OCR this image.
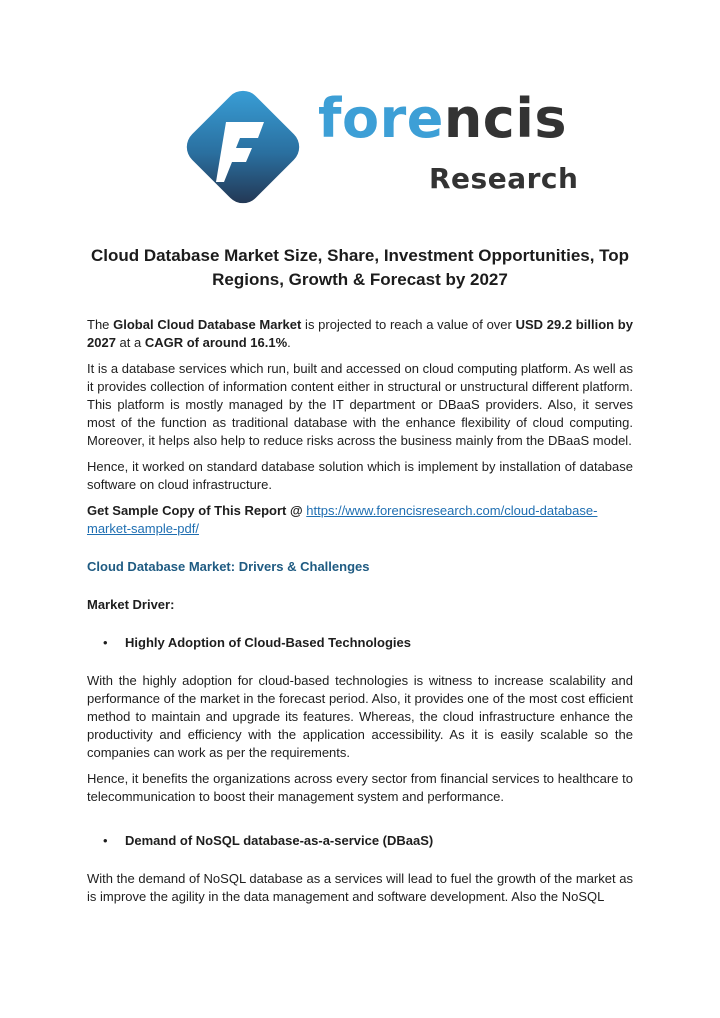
forencis
Research
Cloud Database Market Size, Share, Investment Opportunities, Top Regions, Growth & Forecast by 2027

The Global Cloud Database Market is projected to reach a value of over USD 29.2 billion by 2027 at a CAGR of around 16.1%.

It is a database services which run, built and accessed on cloud computing platform. As well as it provides collection of information content either in structural or unstructural different platform. This platform is mostly managed by the IT department or DBaaS providers. Also, it serves most of the function as traditional database with the enhance flexibility of cloud computing. Moreover, it helps also help to reduce risks across the business mainly from the DBaaS model.

Hence, it worked on standard database solution which is implement by installation of database software on cloud infrastructure.

Get Sample Copy of This Report @ https://www.forencisresearch.com/cloud-database-market-sample-pdf/

Cloud Database Market: Drivers & Challenges

Market Driver:

•	Highly Adoption of Cloud-Based Technologies

With the highly adoption for cloud-based technologies is witness to increase scalability and performance of the market in the forecast period. Also, it provides one of the most cost efficient method to maintain and upgrade its features. Whereas, the cloud infrastructure enhance the productivity and efficiency with the application accessibility. As it is easily scalable so the companies can work as per the requirements.

Hence, it benefits the organizations across every sector from financial services to healthcare to telecommunication to boost their management system and performance.

•	Demand of NoSQL database-as-a-service (DBaaS)

With the demand of NoSQL database as a services will lead to fuel the growth of the market as is improve the agility in the data management and software development. Also the NoSQL
